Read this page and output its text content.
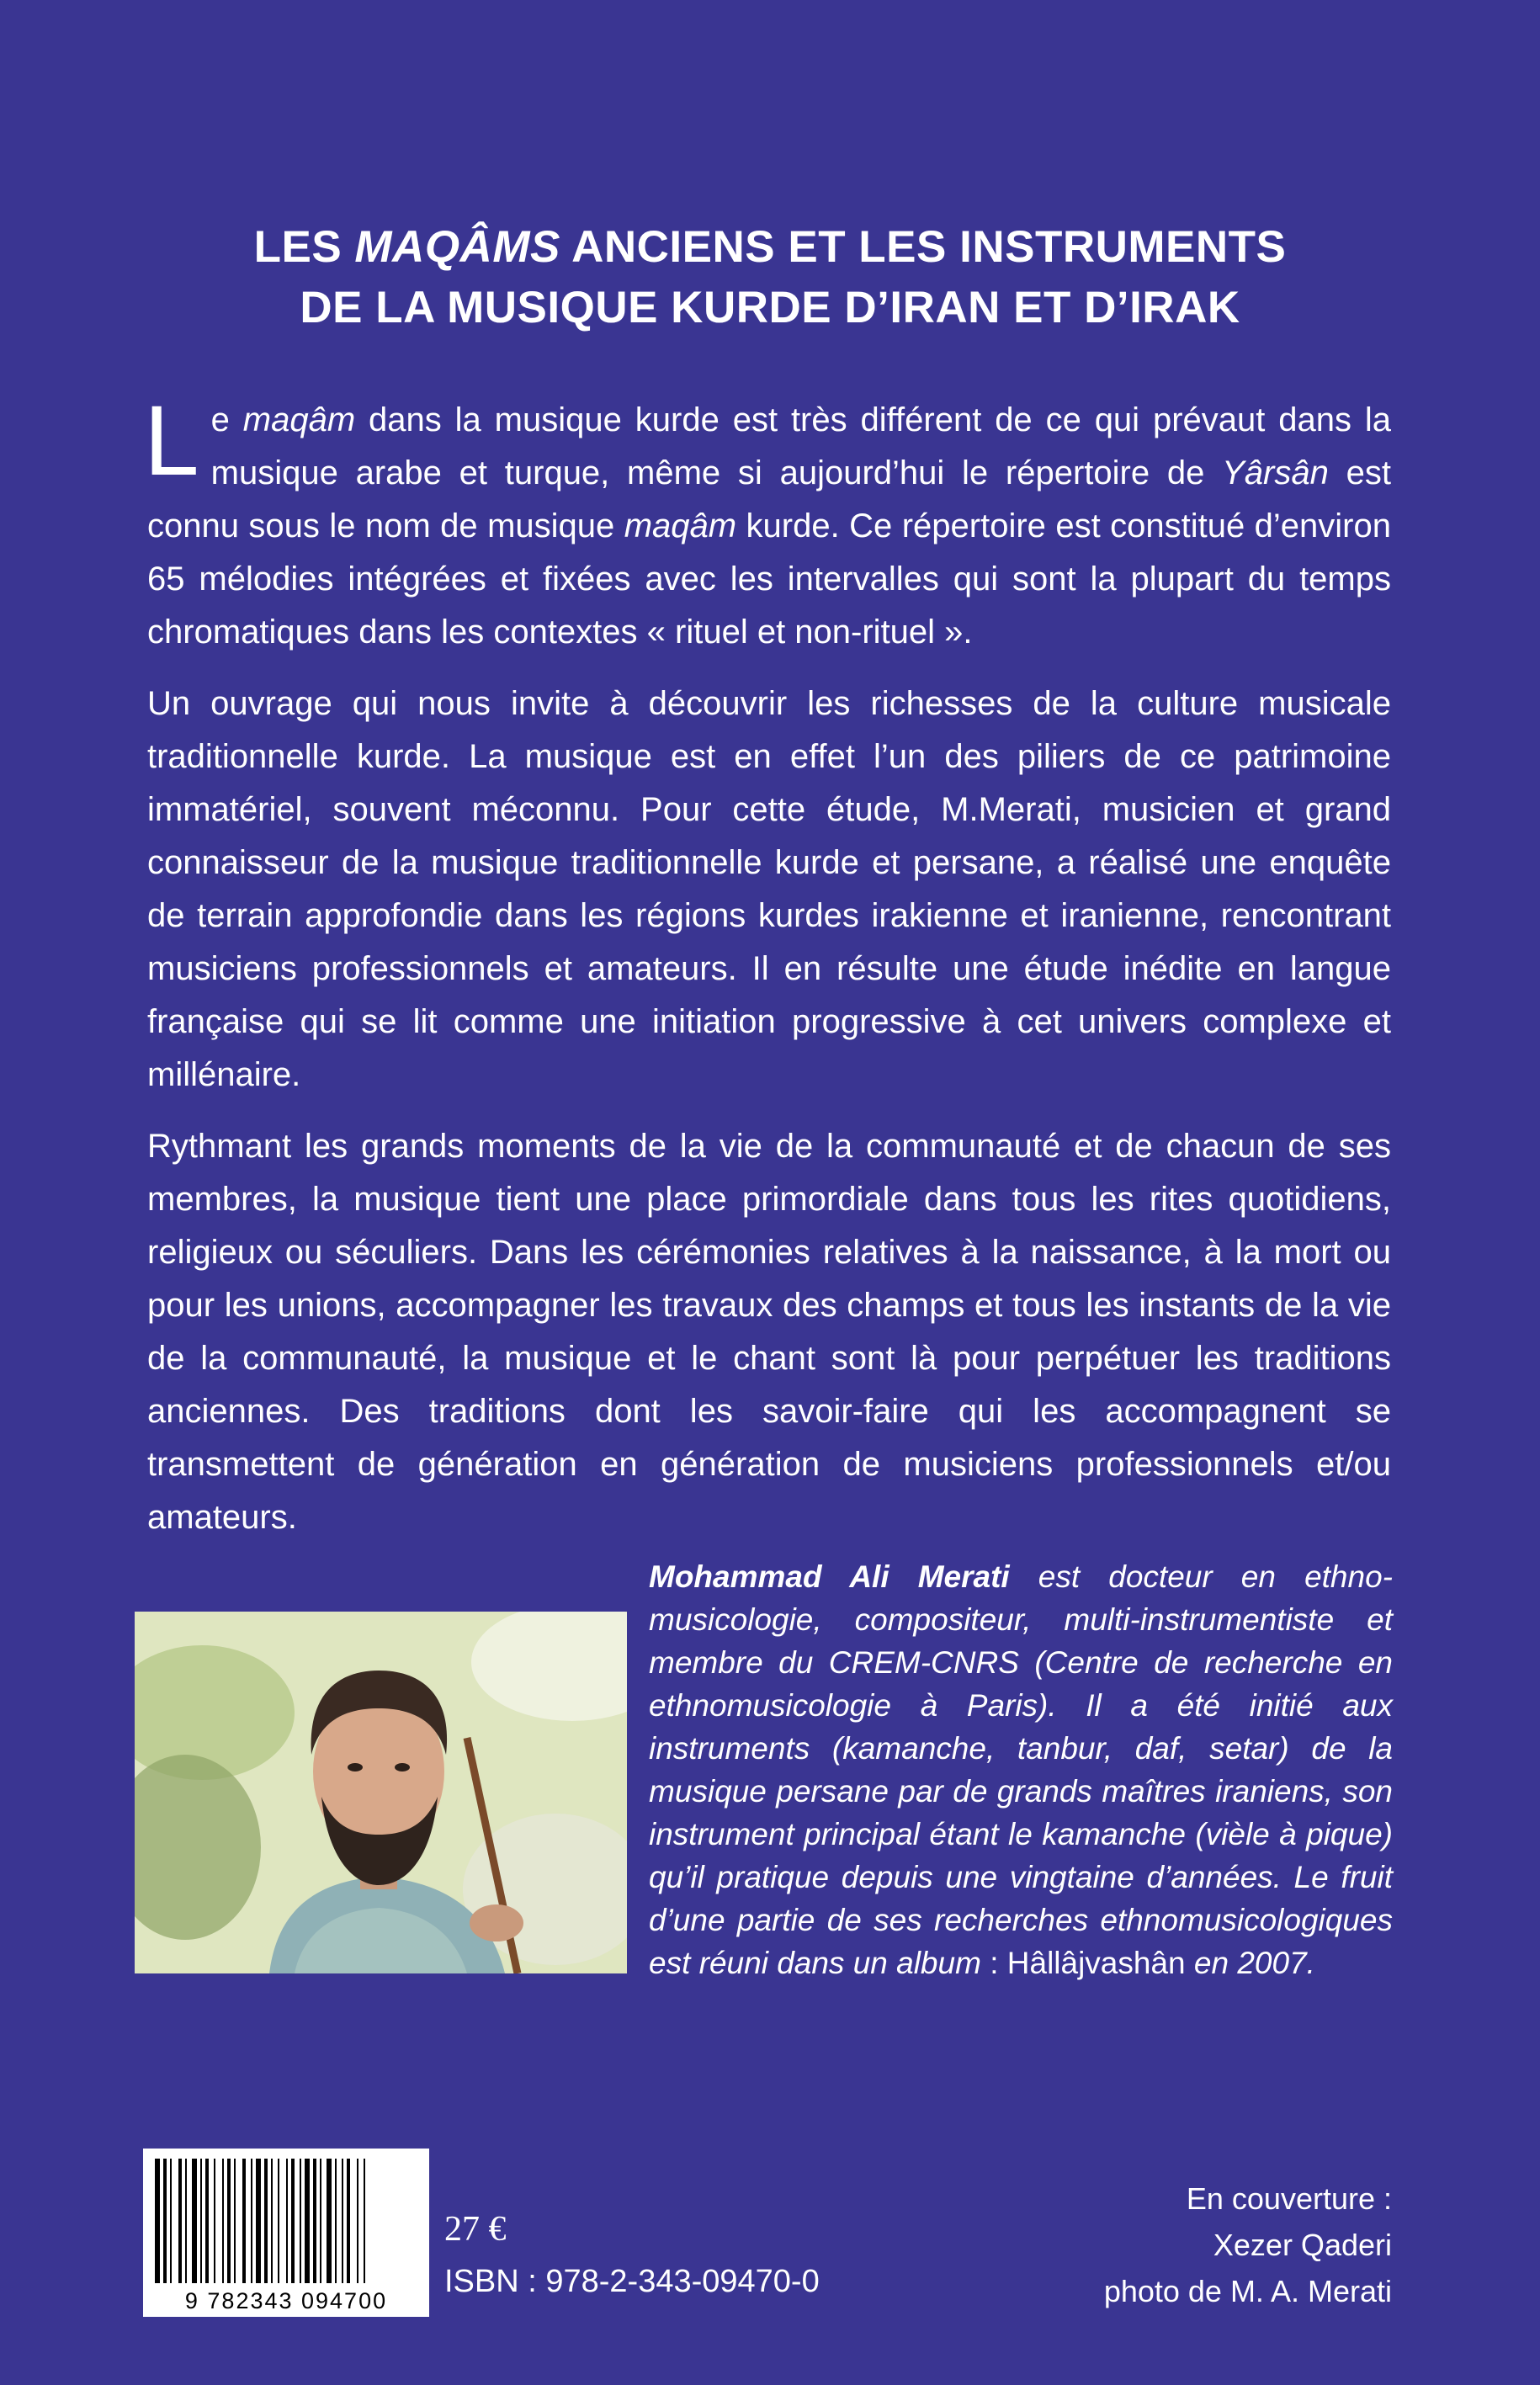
LES MAQÂMS ANCIENS ET LES INSTRUMENTS
DE LA MUSIQUE KURDE D’IRAN ET D’IRAK

Le maqâm dans la musique kurde est très différent de ce qui prévaut dans la musique arabe et turque, même si aujourd’hui le répertoire de Yârsân est connu sous le nom de musique maqâm kurde. Ce répertoire est constitué d’environ 65 mélodies intégrées et fixées avec les intervalles qui sont la plupart du temps chromatiques dans les contextes « rituel et non-rituel ».

Un ouvrage qui nous invite à découvrir les richesses de la culture musicale traditionnelle kurde. La musique est en effet l’un des piliers de ce patrimoine immatériel, souvent méconnu. Pour cette étude, M.Merati, musicien et grand connaisseur de la musique traditionnelle kurde et persane, a réalisé une enquête de terrain approfondie dans les régions kurdes irakienne et iranienne, rencontrant musiciens professionnels et amateurs. Il en résulte une étude inédite en langue française qui se lit comme une initiation progressive à cet univers complexe et millénaire.

Rythmant les grands moments de la vie de la communauté et de chacun de ses membres, la musique tient une place primordiale dans tous les rites quotidiens, religieux ou séculiers. Dans les cérémonies relatives à la naissance, à la mort ou pour les unions, accompagner les travaux des champs et tous les instants de la vie de la communauté, la musique et le chant sont là pour perpétuer les traditions anciennes. Des traditions dont les savoir-faire qui les accompagnent se transmettent de génération en génération de musiciens professionnels et/ou amateurs.

Mohammad Ali Merati est docteur en ethno-musicologie, compositeur, multi-instrumentiste et membre du CREM-CNRS (Centre de recherche en ethnomusicologie à Paris). Il a été initié aux instruments (kamanche, tanbur, daf, setar) de la musique persane par de grands maîtres iraniens, son instrument principal étant le kamanche (vièle à pique) qu’il pratique depuis une vingtaine d’années. Le fruit d’une partie de ses recherches ethnomusicologiques est réuni dans un album : Hâllâjvashân en 2007.
9 782343 094700
27 €
ISBN : 978-2-343-09470-0
En couverture :
Xezer Qaderi
photo de M. A. Merati
